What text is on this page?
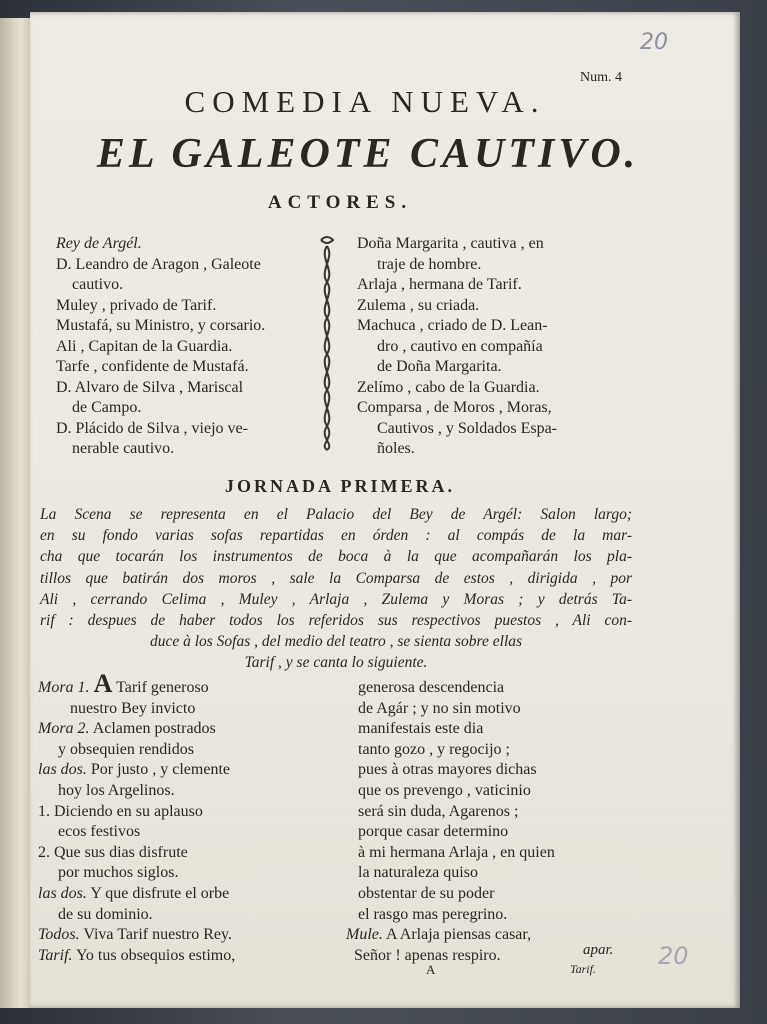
20
Num. 4
COMEDIA NUEVA.
EL GALEOTE CAUTIVO.
ACTORES.
Rey de Argél.
D. Leandro de Aragon , Galeote
cautivo.
Muley , privado de Tarif.
Mustafá, su Ministro, y corsario.
Ali , Capitan de la Guardia.
Tarfe , confidente de Mustafá.
D. Alvaro de Silva , Mariscal
de Campo.
D. Plácido de Silva , viejo ve-
nerable cautivo.
Doña Margarita , cautiva , en
traje de hombre.
Arlaja , hermana de Tarif.
Zulema , su criada.
Machuca , criado de D. Lean-
dro , cautivo en compañía
de Doña Margarita.
Zelímo , cabo de la Guardia.
Comparsa , de Moros , Moras,
Cautivos , y Soldados Espa-
ñoles.
JORNADA PRIMERA.
La Scena se representa en el Palacio del Bey de Argél: Salon largo;
en su fondo varias sofas repartidas en órden : al compás de la mar-
cha que tocarán los instrumentos de boca à la que acompañarán los pla-
tillos que batirán dos moros , sale la Comparsa de estos , dirigida , por
Ali , cerrando Celima , Muley , Arlaja , Zulema y Moras ; y detrás Ta-
rif : despues de haber todos los referidos sus respectivos puestos , Ali con-
duce à los Sofas , del medio del teatro , se sienta sobre ellas
Tarif , y se canta lo siguiente.
Mora 1. A Tarif generoso
nuestro Bey invicto
Mora 2. Aclamen postrados
y obsequien rendidos
las dos. Por justo , y clemente
hoy los Argelinos.
1. Diciendo en su aplauso
ecos festivos
2. Que sus dias disfrute
por muchos siglos.
las dos. Y que disfrute el orbe
de su dominio.
Todos. Viva Tarif nuestro Rey.
Tarif. Yo tus obsequios estimo,
generosa descendencia
de Agár ; y no sin motivo
manifestais este dia
tanto gozo , y regocijo ;
pues à otras mayores dichas
que os prevengo , vaticinio
será sin duda, Agarenos ;
porque casar determino
à mi hermana Arlaja , en quien
la naturaleza quiso
obstentar de su poder
el rasgo mas peregrino.
Mule. A Arlaja piensas casar,
Señor ! apenas respiro.	apar.
Tarif.
A	20
